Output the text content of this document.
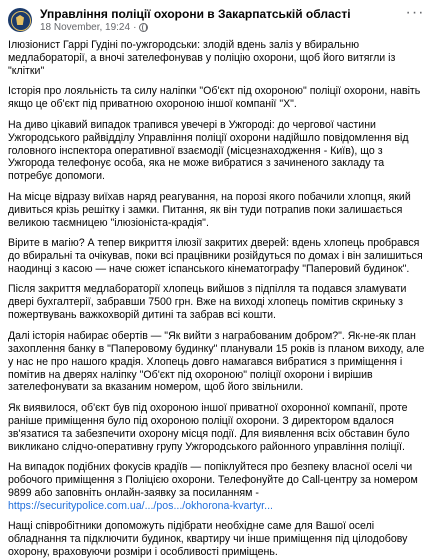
Управління поліції охорони в Закарпатській області
18 November, 19:24 ·
···

Ілюзіонист Гаррі Гудіні по-ужгородськи: злодій вдень заліз у вбиральню медлабораторії, а вночі зателефонував у поліцію охорони, щоб його витягли із "клітки"

Історія про лояльність та силу наліпки "Об'єкт під охороною" поліції охорони, навіть якщо це об'єкт під приватною охороною іншої компанії "Х".

На диво цікавий випадок трапився увечері в Ужгороді: до чергової частини Ужгородського райвідділу Управління поліції охорони надійшло повідомлення від головного інспектора оперативної взаємодії (місцезнаходження - Київ), що з Ужгорода телефонує особа, яка не може вибратися з зачиненого закладу та потребує допомоги.

На місце відразу виїхав наряд реагування, на порозі якого побачили хлопця, який дивиться крізь решітку і замки. Питання, як він туди потрапив поки залишається великою таємницею "ілюзіоніста-крадія".

Вірите в магію? А тепер викриття ілюзії закритих дверей: вдень хлопець пробрався до вбиральні та очікував, поки всі працівники розійдуться по домах і він залишиться наодинці з касою — наче сюжет іспанського кінематографу "Паперовий будинок".

Після закриття медлабораторії хлопець вийшов з підпілля та подався зламувати двері бухгалтерії, забравши 7500 грн. Вже на виході хлопець помітив скриньку з пожертвувань важкохворій дитині та забрав всі кошти.

Далі історія набирає обертів — "Як вийти з награбованим добром?". Як-не-як план захоплення банку в "Паперовому будинку" планували 15 років із планом виходу, але у нас не про нашого крадія. Хлопець довго намагався вибратися з приміщення і помітив на дверях наліпку "Об'єкт під охороною" поліції охорони і вирішив зателефонувати за вказаним номером, щоб його звільнили.

Як виявилося, об'єкт був під охороною іншої приватної охоронної компанії, проте раніше приміщення було під охороною поліції охорони. З директором вдалося зв'язатися та забезпечити охорону місця події. Для виявлення всіх обставин було викликано слідчо-оперативну групу Ужгородського районного управління поліції.

На випадок подібних фокусів крадіїв — попіклуйтеся про безпеку власної оселі чи робочого приміщення з Поліцією охорони. Телефонуйте до Call-центру за номером 9899 або заповніть онлайн-заявку за посиланням - https://securitypolice.com.ua/.../pos.../okhorona-kvartyr...

Нащі співробітники допоможуть підібрати необхідне саме для Вашої оселі обладнання та підключити будинок, квартиру чи інше приміщення під цілодобову охорону, враховуючи розміри і особливості приміщень.
